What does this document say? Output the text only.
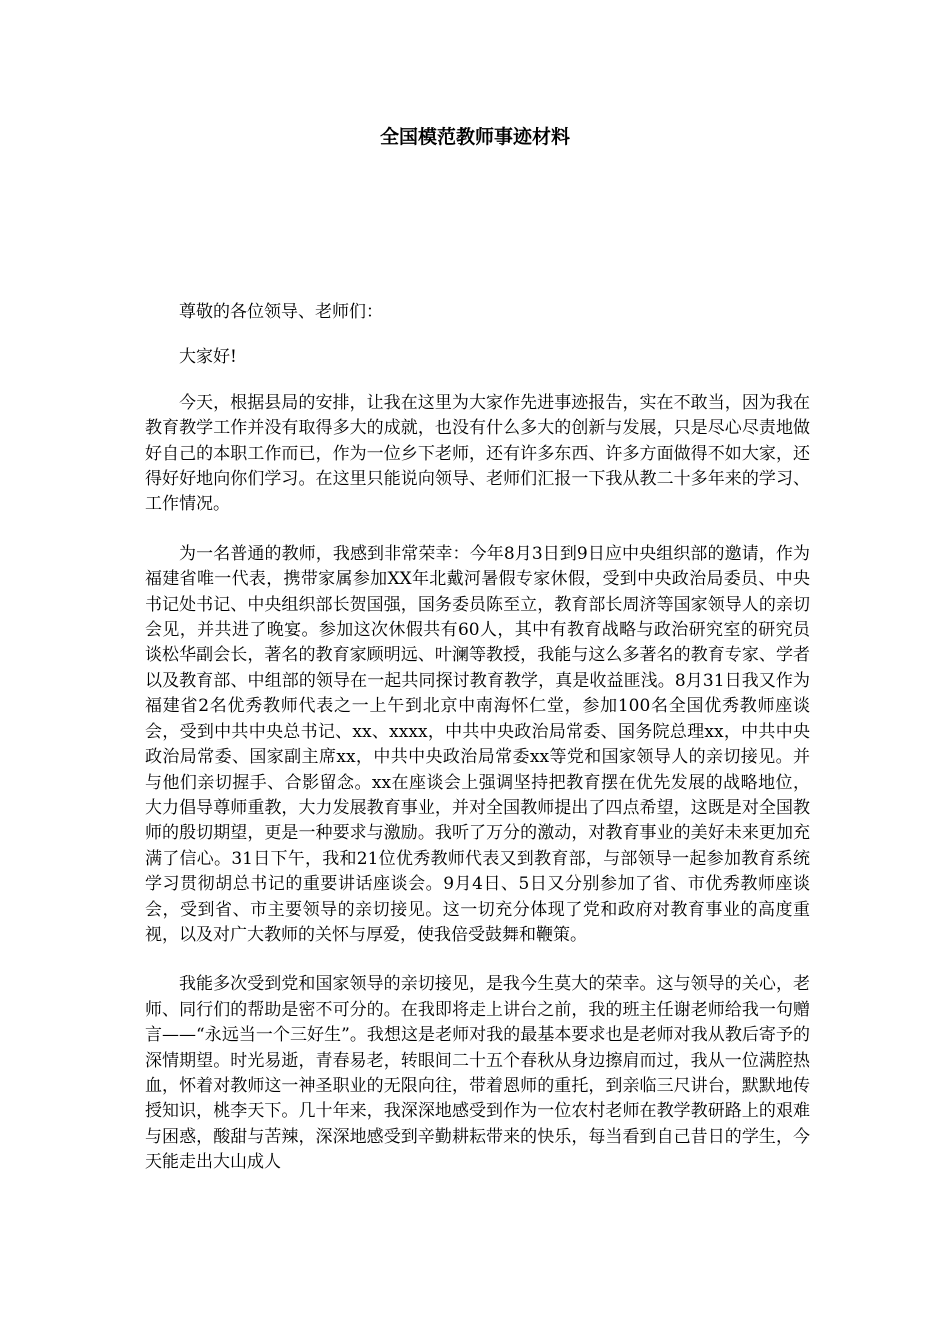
全国模范教师事迹材料

尊敬的各位领导、老师们：

大家好!

今天，根据县局的安排，让我在这里为大家作先进事迹报告，实在不敢当，因为我在教育教学工作并没有取得多大的成就，也没有什么多大的创新与发展，只是尽心尽责地做好自己的本职工作而已，作为一位乡下老师，还有许多东西、许多方面做得不如大家，还得好好地向你们学习。在这里只能说向领导、老师们汇报一下我从教二十多年来的学习、工作情况。

为一名普通的教师，我感到非常荣幸：今年8月3日到9日应中央组织部的邀请，作为福建省唯一代表，携带家属参加XX年北戴河暑假专家休假，受到中央政治局委员、中央书记处书记、中央组织部长贺国强，国务委员陈至立，教育部长周济等国家领导人的亲切会见，并共进了晚宴。参加这次休假共有60人，其中有教育战略与政治研究室的研究员谈松华副会长，著名的教育家顾明远、叶澜等教授，我能与这么多著名的教育专家、学者以及教育部、中组部的领导在一起共同探讨教育教学，真是收益匪浅。8月31日我又作为福建省2名优秀教师代表之一上午到北京中南海怀仁堂，参加100名全国优秀教师座谈会，受到中共中央总书记、xx、xxxx，中共中央政治局常委、国务院总理xx，中共中央政治局常委、国家副主席xx，中共中央政治局常委xx等党和国家领导人的亲切接见。并与他们亲切握手、合影留念。xx在座谈会上强调坚持把教育摆在优先发展的战略地位，大力倡导尊师重教，大力发展教育事业，并对全国教师提出了四点希望，这既是对全国教师的殷切期望，更是一种要求与激励。我听了万分的激动，对教育事业的美好未来更加充满了信心。31日下午，我和21位优秀教师代表又到教育部，与部领导一起参加教育系统学习贯彻胡总书记的重要讲话座谈会。9月4日、5日又分别参加了省、市优秀教师座谈会，受到省、市主要领导的亲切接见。这一切充分体现了党和政府对教育事业的高度重视，以及对广大教师的关怀与厚爱，使我倍受鼓舞和鞭策。

我能多次受到党和国家领导的亲切接见，是我今生莫大的荣幸。这与领导的关心，老师、同行们的帮助是密不可分的。在我即将走上讲台之前，我的班主任谢老师给我一句赠言——“永远当一个三好生”。我想这是老师对我的最基本要求也是老师对我从教后寄予的深情期望。时光易逝，青春易老，转眼间二十五个春秋从身边擦肩而过，我从一位满腔热血，怀着对教师这一神圣职业的无限向往，带着恩师的重托，到亲临三尺讲台，默默地传授知识，桃李天下。几十年来，我深深地感受到作为一位农村老师在教学教研路上的艰难与困惑，酸甜与苦辣，深深地感受到辛勤耕耘带来的快乐，每当看到自己昔日的学生，今天能走出大山成人
